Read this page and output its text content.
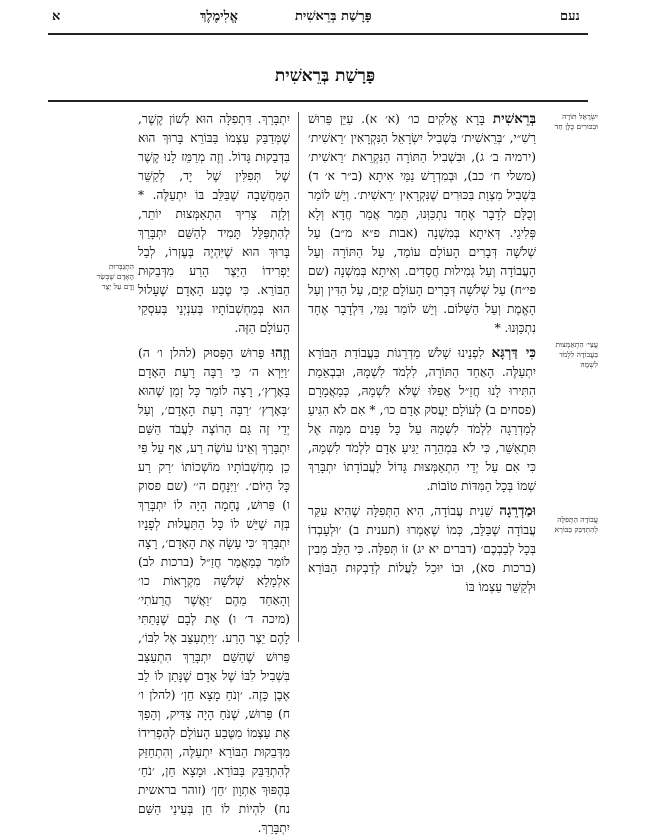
א	אֱלִימֶלֶךְ	פָּרָשַׁת בְּרֵאשִׁית	נעם
פָּרָשַׁת בְּרֵאשִׁית

בְּרֵאשִׁית בָּרָא אֱלֹקִים כו׳ (א׳ א). עַיֵּן פֵּרוּשׁ רַשִׁ״י, ׳בְּרֵאשִׁית׳ בִּשְׁבִיל יִשְׂרָאֵל הַנִּקְרָאִין ׳רֵאשִׁית׳ (ירמיה ב׳ ג), וּבִשְׁבִיל הַתּוֹרָה הַנִּקְרֵאת ׳רֵאשִׁית׳ (משלי ח׳ כב), וּבְמִדְרָשׁ נַמֵּי אִיתָא (ב״ר א׳ ד) בִּשְׁבִיל מִצְוַת בִּכּוּרִים שֶׁנִּקְרָאִין ׳רֵאשִׁית׳. וְיֵשׁ לוֹמַר וְכֻלָּם לְדָבָר אֶחָד נִתְכַּוְּנוּ, תֵּמַר אֲמַר חֲדָא וְלָא פְּלִיגֵי. דְּאִיתָא בְּמִשְׁנָה (אבות פ״א מ״ב) עַל שְׁלֹשָׁה דְּבָרִים הָעוֹלָם עוֹמֵד, עַל הַתּוֹרָה וְעַל הָעֲבוֹדָה וְעַל גְּמִילוּת חֲסָדִים. וְאִיתָא בְּמִשְׁנָה (שם פי״ח) עַל שְׁלֹשָׁה דְּבָרִים הָעוֹלָם קַיָּם, עַל הַדִּין וְעַל הָאֱמֶת וְעַל הַשָּׁלוֹם. וְיֵשׁ לוֹמַר נַמֵּי, דִּלְדָבָר אֶחָד נִתְכַּוְּנוּ. *

כִּי דַּרְגָּא לִפְנֵינוּ שָׁלֹשׁ מַדְרֵגוֹת בַּעֲבוֹדַת הַבּוֹרֵא יִתְעַלֶּה. הָאַחַד הַתּוֹרָה, לִלְמֹד לִשְׁמָהּ, וּבִבְאֵמַת הִתִּירוּ לָנוּ חֲזַ״ל אֲפִלּוּ שֶׁלֹּא לִשְׁמָהּ, כְּמַאֲמָרָם (פסחים ב) לְעוֹלָם יַעֲסֹק אָדָם כו׳, * אִם לֹא הִגִּיעַ לְמַדְרֵגָה לִלְמֹד לִשְׁמָהּ עַל כָּל פָּנִים מִמָּה אֶל תִּתְאַשֵּׁר, כִּי לֹא בִּמְהֵרָה יַגִּיעַ אָדָם לִלְמֹד לִשְׁמָהּ, כִּי אִם עַל יְדֵי הִתְאַמְּצוּת גָּדוֹל לַעֲבוֹדָתוֹ יִתְבָּרַךְ שְׁמוֹ בְּכָל הַמִּדּוֹת טוֹבוֹת.

וּמַדְרֵגָה שֵׁנִית עֲבוֹדָה, הִיא הַתְּפִלָּה שֶׁהִיא עִקַּר עֲבוֹדָה שֶׁבַּלֵּב, כְּמוֹ שֶׁאָמְרוּ (תענית ב) ׳וּלְעָבְדוֹ בְּכָל לְבַבְכֶם׳ (דברים יא יג) זוֹ תְּפִלָּה. כִּי הַלֵּב מֵבִין (ברכות סא), וּבוֹ יוּכַל לַעֲלוֹת לְדַבְקוּת הַבּוֹרֵא וּלְקַשֵּׁר עַצְמוֹ בּוֹ

יִתְבָּרַךְ. דִּתְפִלָּה הוּא לְשׁוֹן קֶשֶׁר, שֶׁמְּדַבֵּק עַצְמוֹ בַּבּוֹרֵא בָּרוּךְ הוּא בִּדְבֵקוּת גָּדוֹל. וְזֶה מְרַמֵּז לָנוּ קֶשֶׁר שֶׁל תְּפִלִּין שֶׁל יָד, לְקַשֵּׁר הַמַּחֲשָׁבָה שֶׁבַּלֵּב בּוֹ יִתְעַלֶּה. * וְלָזֶה צָרִיךְ הִתְאַמְּצוּת יוֹתֵר, לְהִתְפַּלֵּל תָּמִיד לְהַשֵּׁם יִתְבָּרַךְ בָּרוּךְ הוּא שֶׁיִּהְיֶה בְּעֶזְרוֹ, לְבַל יַפְרִידוֹ הַיֵּצֶר הָרַע מִדְּבֵקוּת הַבּוֹרֵא. כִּי טֶבַע הָאָדָם שֶׁעָלוּל הוּא בְּמַחְשְׁבוֹתָיו בְּעִנְיְנֵי בְּעִסְקֵי הָעוֹלָם הַזֶּה.

וְזֶהוּ פֵּרוּשׁ הַפָּסוּק (להלן ו׳ ה) ׳וַיַּרְא ה׳ כִּי רַבָּה רָעַת הָאָדָם בָּאָרֶץ׳, רָצָה לוֹמַר כָּל זְמַן שֶׁהוּא ׳בָּאָרֶץ׳ ׳רַבָּה רָעַת הָאָדָם׳, וְעַל יְדֵי זֶה גַּם הָרוֹצֶה לַעֲבֹד הַשֵּׁם יִתְבָּרַךְ וְאֵינוֹ עוֹשֶׂה רַע, אַף עַל פִּי כֵן מַחְשְׁבוֹתָיו מוֹשְׁכוֹתוֹ ׳רַק רַע כָּל הַיּוֹם׳. ׳וַיִּנָּחֶם ה׳׳ (שם פסוק ו) פֵּרוּשׁ, נֶחָמָה הָיָה לוֹ יִתְבָּרַךְ בְּזֶה שֶׁיֵּשׁ לוֹ כָּל הַתַּעֲלוּת לְפָנָיו יִתְבָּרַךְ ׳כִּי עָשָׂה אֶת הָאָדָם׳, רָצָה לוֹמַר כְּמַאֲמַר חֲזַ״ל (ברכות לב) אִלְמָלֵא שְׁלֹשָׁה מִקְרָאוֹת כו׳ וְהָאַחַד מֵהֶם ׳וַאֲשֶׁר הֲרֵעֹתִי׳ (מיכה ד׳ ו) אֶת לְבָם שֶׁנָּתַתִּי לָהֶם יֵצֶר הָרַע. ׳וַיִּתְעַצֵּב אֶל לִבּוֹ׳, פֵּרוּשׁ שֶׁהַשֵּׁם יִתְבָּרַךְ הִתְעַצֵּב בִּשְׁבִיל לִבּוֹ שֶׁל אָדָם שֶׁנָּתַן לוֹ לֵב אֶבֶן כָּזֶה. ׳וְנֹחַ מָצָא חֵן׳ (להלן ו׳ ח) פֵּרוּשׁ, שֶׁנֹּחַ הָיָה צַדִּיק, וְהָפַךְ אֶת עַצְמוֹ מִטֶּבַע הָעוֹלָם לְהַפְרִידוֹ מִדְּבֵקוּת הַבּוֹרֵא יִתְעַלֶּה, וְהִתְחַזֵּק לְהִתְדַּבֵּק בַּבּוֹרֵא. וּמָצָא חֵן, ׳נֹחַ׳ בְּהֶפּוּךְ אַתְוָון ׳חֵן׳ (זוהר בראשית נח) לִהְיוֹת לוֹ חֵן בְּעֵינֵי הַשֵּׁם יִתְבָּרַךְ.

יִשְׂרָאֵל תּוֹרָה וּבִכּוּרִים כֻּלָּן חַד
עֲצַי׳ הִתְאַמְּצוּת בַּעֲבוֹדָה לִלְמֹד לִשְׁמָהּ
עֲבוֹדָה הַתְּפִלָּה לְהִתְדַּבֵּק בַּבּוֹרֵא
הִתְגַּבְּרוּת הָאָדָם שֶׁבְּשַׂר וָדָם עַל יֵצֶר
